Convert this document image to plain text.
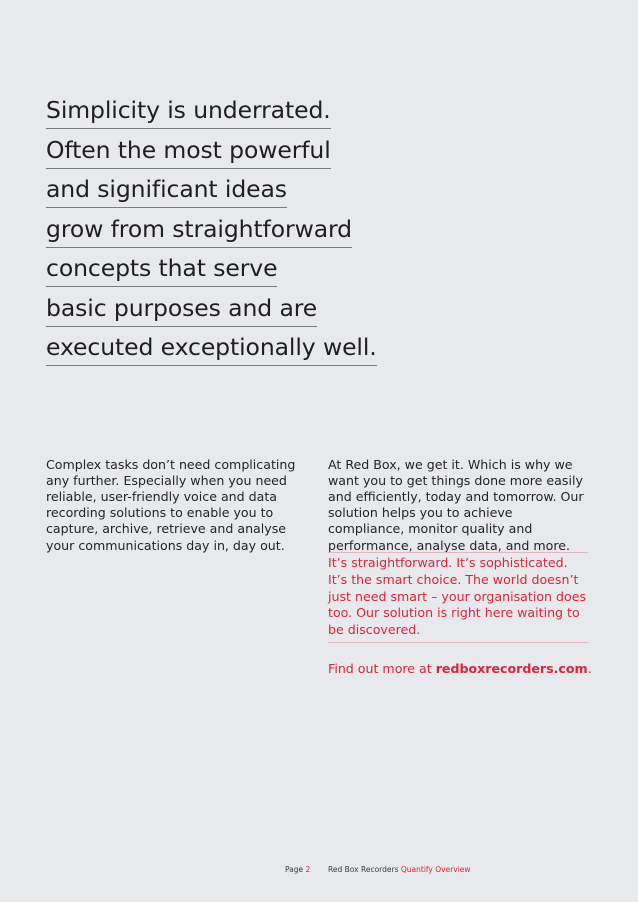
Simplicity is underrated.
Often the most powerful
and significant ideas
grow from straightforward
concepts that serve
basic purposes and are
executed exceptionally well.

Complex tasks don’t need complicating any further. Especially when you need reliable, user-friendly voice and data recording solutions to enable you to capture, archive, retrieve and analyse your communications day in, day out.

At Red Box, we get it. Which is why we want you to get things done more easily and efficiently, today and tomorrow. Our solution helps you to achieve compliance, monitor quality and performance, analyse data, and more.

It’s straightforward. It’s sophisticated. It’s the smart choice. The world doesn’t just need smart – your organisation does too. Our solution is right here waiting to be discovered.
Find out more at redboxrecorders.com.
Page 2 Red Box Recorders Quantify Overview
